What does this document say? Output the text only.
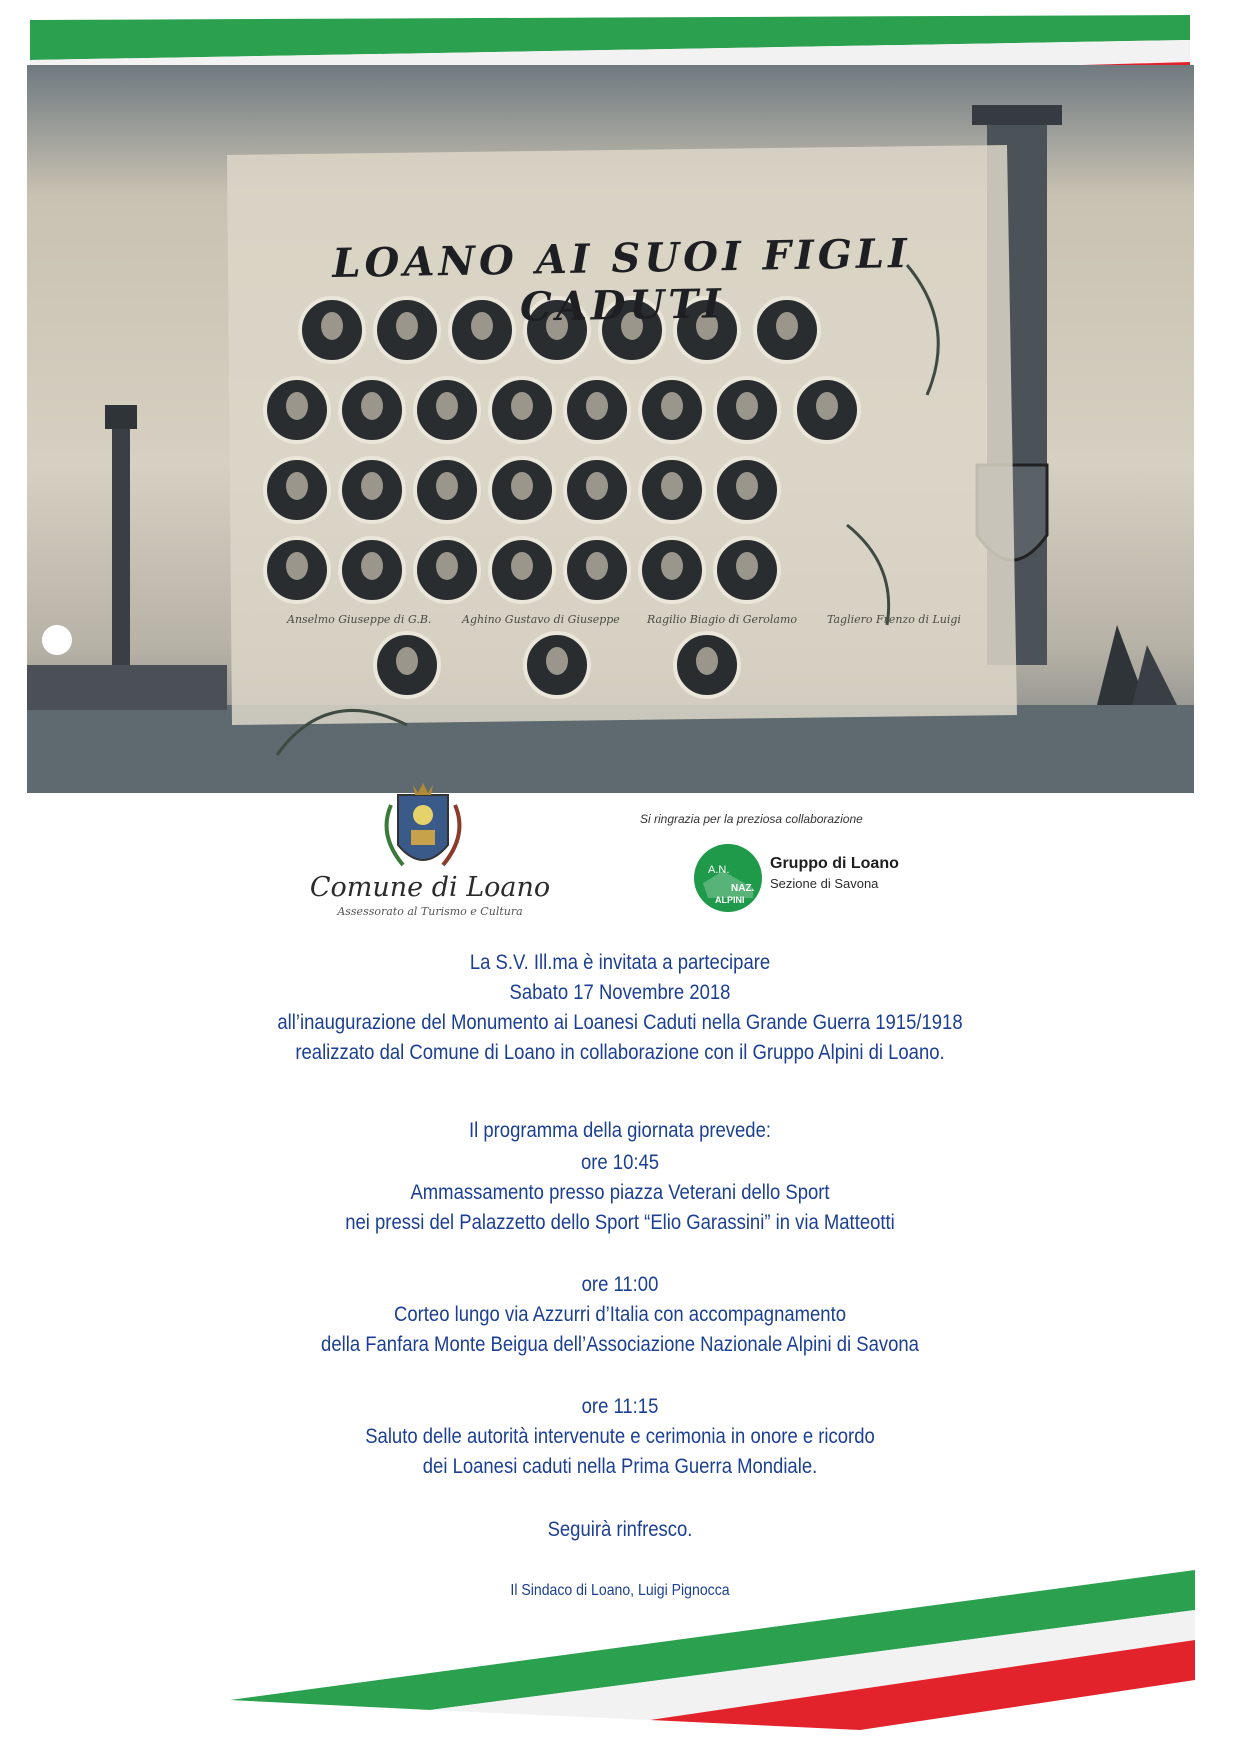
LOANO AI SUOI FIGLI CADUTI
Anselmo Giuseppe di G.B.	Aghino Gustavo di Giuseppe Ragilio Biagio di Gerolamo	Tagliero Frenzo di Luigi
Comune di Loano
Assessorato al Turismo e Cultura
Si ringrazia per la preziosa collaborazione
A.N.
NAZ.
ALPINI
Gruppo di Loano
Sezione di Savona
La S.V. Ill.ma è invitata a partecipare
Sabato 17 Novembre 2018
all’inaugurazione del Monumento ai Loanesi Caduti nella Grande Guerra 1915/1918
realizzato dal Comune di Loano in collaborazione con il Gruppo Alpini di Loano.
Il programma della giornata prevede:
ore 10:45
Ammassamento presso piazza Veterani dello Sport
nei pressi del Palazzetto dello Sport “Elio Garassini” in via Matteotti
ore 11:00
Corteo lungo via Azzurri d’Italia con accompagnamento
della Fanfara Monte Beigua dell’Associazione Nazionale Alpini di Savona
ore 11:15
Saluto delle autorità intervenute e cerimonia in onore e ricordo
dei Loanesi caduti nella Prima Guerra Mondiale.
Seguirà rinfresco.
Il Sindaco di Loano, Luigi Pignocca
